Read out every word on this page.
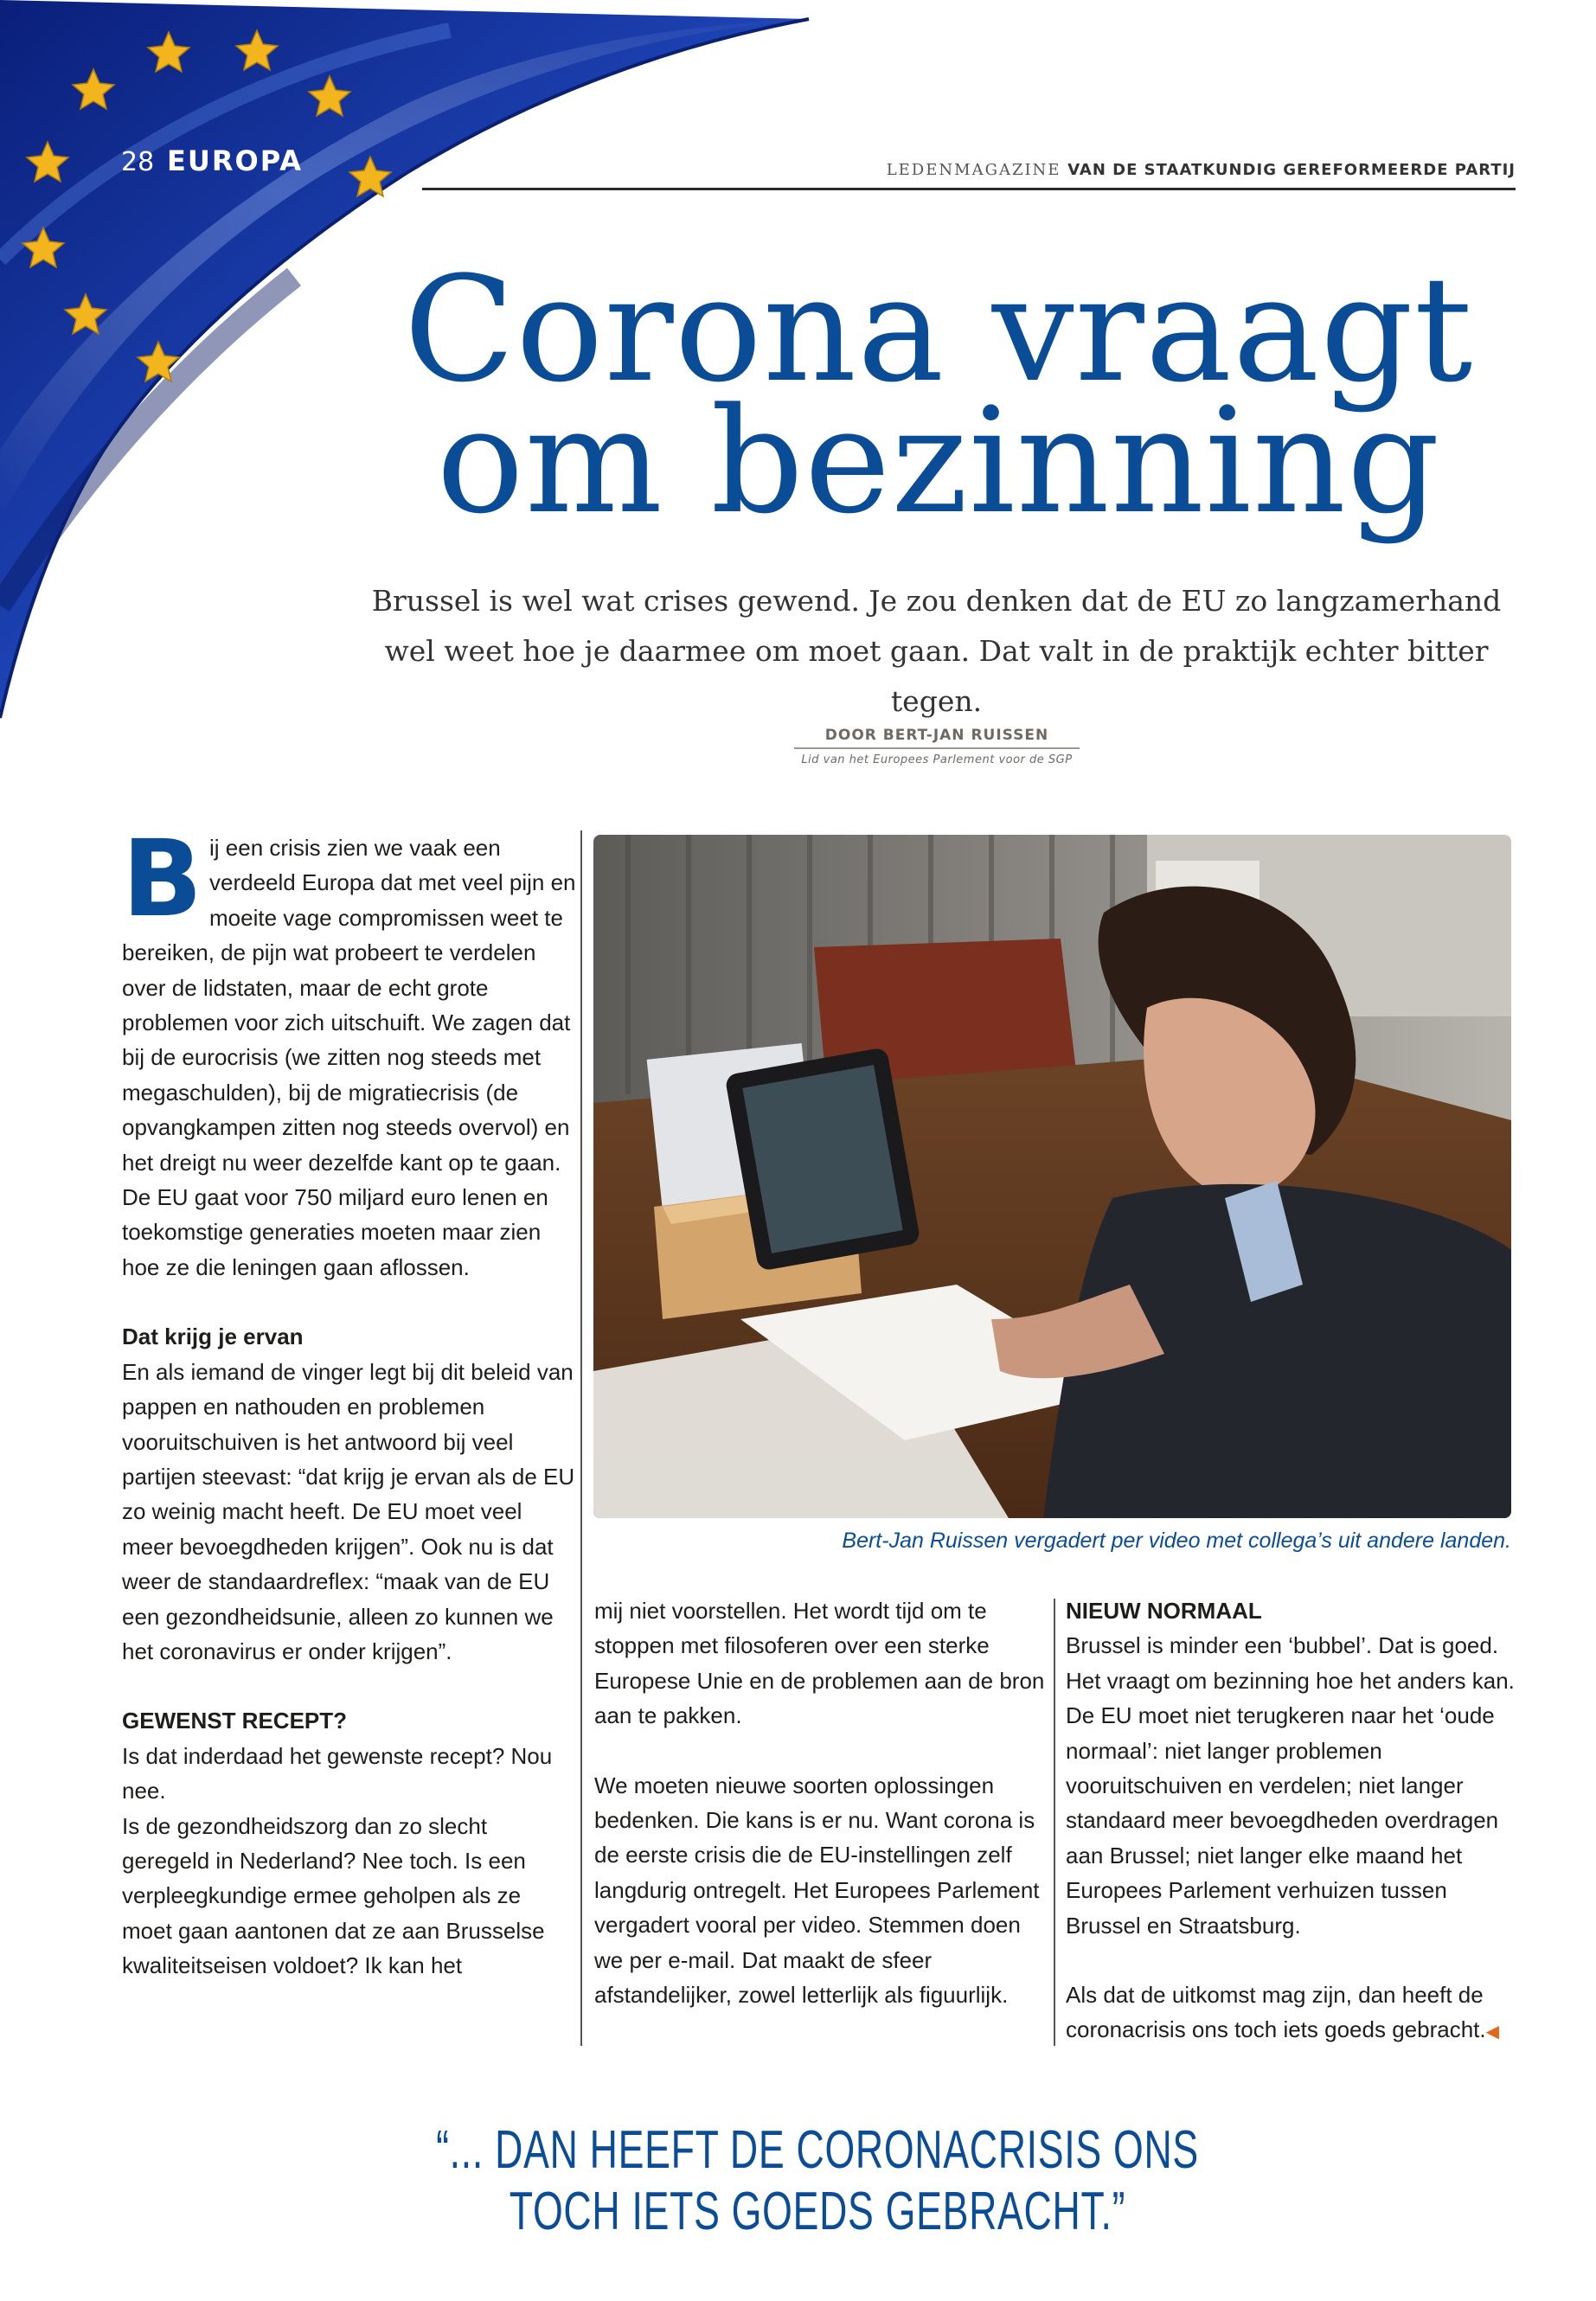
28 EUROPA	LEDENMAGAZINE VAN DE STAATKUNDIG GEREFORMEERDE PARTIJ
Corona vraagt
om bezinning

Brussel is wel wat crises gewend. Je zou denken dat de EU zo langzamerhand wel weet hoe je daarmee om moet gaan. Dat valt in de praktijk echter bitter tegen.

DOOR BERT-JAN RUISSEN
Lid van het Europees Parlement voor de SGP

Bij een crisis zien we vaak een verdeeld Europa dat met veel pijn en moeite vage compromissen weet te bereiken, de pijn wat probeert te verdelen over de lidstaten, maar de echt grote problemen voor zich uitschuift. We zagen dat bij de eurocrisis (we zitten nog steeds met megaschulden), bij de migratiecrisis (de opvangkampen zitten nog steeds overvol) en het dreigt nu weer dezelfde kant op te gaan. De EU gaat voor 750 miljard euro lenen en toekomstige generaties moeten maar zien hoe ze die leningen gaan aflossen.

Dat krijg je ervan

En als iemand de vinger legt bij dit beleid van pappen en nathouden en problemen vooruitschuiven is het antwoord bij veel partijen steevast: “dat krijg je ervan als de EU zo weinig macht heeft. De EU moet veel meer bevoegdheden krijgen”. Ook nu is dat weer de standaardreflex: “maak van de EU een gezondheidsunie, alleen zo kunnen we het coronavirus er onder krijgen”.

GEWENST RECEPT?

Is dat inderdaad het gewenste recept? Nou nee.

Is de gezondheidszorg dan zo slecht geregeld in Nederland? Nee toch. Is een verpleegkundige ermee geholpen als ze moet gaan aantonen dat ze aan Brusselse kwaliteitseisen voldoet? Ik kan het

Bert-Jan Ruissen vergadert per video met collega’s uit andere landen.

mij niet voorstellen. Het wordt tijd om te stoppen met filosoferen over een sterke Europese Unie en de problemen aan de bron aan te pakken.

We moeten nieuwe soorten oplossingen bedenken. Die kans is er nu. Want corona is de eerste crisis die de EU-instellingen zelf langdurig ontregelt. Het Europees Parlement vergadert vooral per video. Stemmen doen we per e-mail. Dat maakt de sfeer afstandelijker, zowel letterlijk als figuurlijk.

NIEUW NORMAAL

Brussel is minder een ‘bubbel’. Dat is goed. Het vraagt om bezinning hoe het anders kan. De EU moet niet terugkeren naar het ‘oude normaal’: niet langer problemen vooruitschuiven en verdelen; niet langer standaard meer bevoegdheden overdragen aan Brussel; niet langer elke maand het Europees Parlement verhuizen tussen Brussel en Straatsburg.

Als dat de uitkomst mag zijn, dan heeft de coronacrisis ons toch iets goeds gebracht.◀

“... DAN HEEFT DE CORONACRISIS ONS TOCH IETS GOEDS GEBRACHT.”
